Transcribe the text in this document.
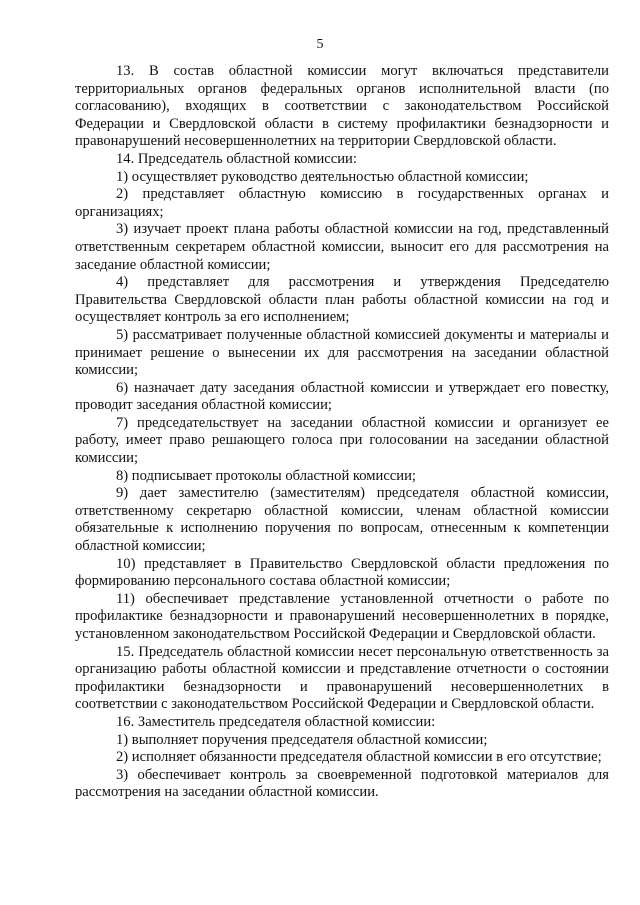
5

13. В состав областной комиссии могут включаться представители территориальных органов федеральных органов исполнительной власти (по согласованию), входящих в соответствии с законодательством Российской Федерации и Свердловской области в систему профилактики безнадзорности и правонарушений несовершеннолетних на территории Свердловской области.

14. Председатель областной комиссии:

1) осуществляет руководство деятельностью областной комиссии;

2) представляет областную комиссию в государственных органах и организациях;

3) изучает проект плана работы областной комиссии на год, представленный ответственным секретарем областной комиссии, выносит его для рассмотрения на заседание областной комиссии;

4) представляет для рассмотрения и утверждения Председателю Правительства Свердловской области план работы областной комиссии на год и осуществляет контроль за его исполнением;

5) рассматривает полученные областной комиссией документы и материалы и принимает решение о вынесении их для рассмотрения на заседании областной комиссии;

6) назначает дату заседания областной комиссии и утверждает его повестку, проводит заседания областной комиссии;

7) председательствует на заседании областной комиссии и организует ее работу, имеет право решающего голоса при голосовании на заседании областной комиссии;

8) подписывает протоколы областной комиссии;

9) дает заместителю (заместителям) председателя областной комиссии, ответственному секретарю областной комиссии, членам областной комиссии обязательные к исполнению поручения по вопросам, отнесенным к компетенции областной комиссии;

10) представляет в Правительство Свердловской области предложения по формированию персонального состава областной комиссии;

11) обеспечивает представление установленной отчетности о работе по профилактике безнадзорности и правонарушений несовершеннолетних в порядке, установленном законодательством Российской Федерации и Свердловской области.

15. Председатель областной комиссии несет персональную ответственность за организацию работы областной комиссии и представление отчетности о состоянии профилактики безнадзорности и правонарушений несовершеннолетних в соответствии с законодательством Российской Федерации и Свердловской области.

16. Заместитель председателя областной комиссии:

1) выполняет поручения председателя областной комиссии;

2) исполняет обязанности председателя областной комиссии в его отсутствие;

3) обеспечивает контроль за своевременной подготовкой материалов для рассмотрения на заседании областной комиссии.
